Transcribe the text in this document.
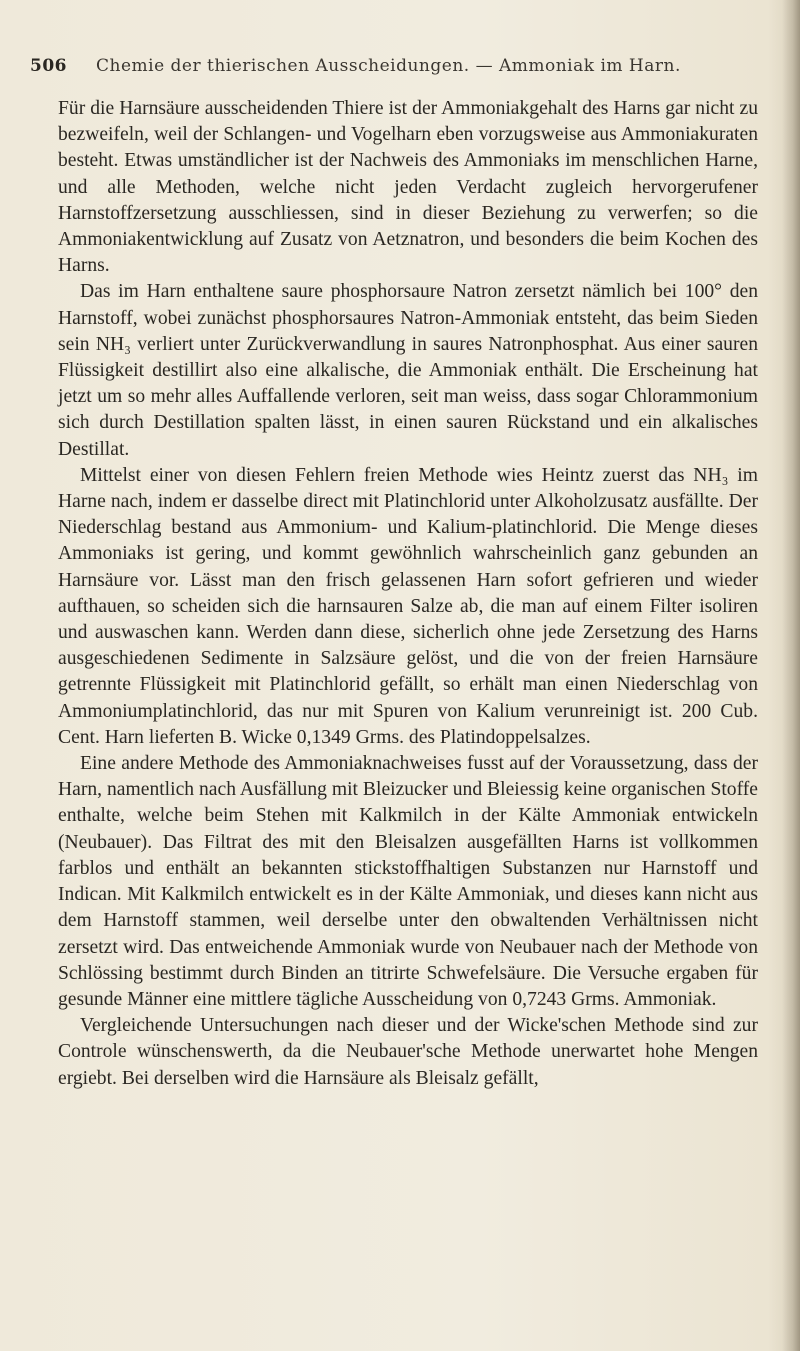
506 Chemie der thierischen Ausscheidungen. — Ammoniak im Harn.

Für die Harnsäure ausscheidenden Thiere ist der Ammoniakgehalt des Harns gar nicht zu bezweifeln, weil der Schlangen- und Vogelharn eben vorzugsweise aus Ammoniakuraten besteht. Etwas umständlicher ist der Nachweis des Ammoniaks im menschlichen Harne, und alle Methoden, welche nicht jeden Verdacht zugleich hervorgerufener Harnstoffzersetzung ausschliessen, sind in dieser Beziehung zu verwerfen; so die Ammoniakentwicklung auf Zusatz von Aetznatron, und besonders die beim Kochen des Harns.

Das im Harn enthaltene saure phosphorsaure Natron zersetzt nämlich bei 100° den Harnstoff, wobei zunächst phosphorsaures Natron-Ammoniak entsteht, das beim Sieden sein NH₃ verliert unter Zurückverwandlung in saures Natronphosphat. Aus einer sauren Flüssigkeit destillirt also eine alkalische, die Ammoniak enthält. Die Erscheinung hat jetzt um so mehr alles Auffallende verloren, seit man weiss, dass sogar Chlorammonium sich durch Destillation spalten lässt, in einen sauren Rückstand und ein alkalisches Destillat.

Mittelst einer von diesen Fehlern freien Methode wies Heintz zuerst das NH₃ im Harne nach, indem er dasselbe direct mit Platinchlorid unter Alkoholzusatz ausfällte. Der Niederschlag bestand aus Ammonium- und Kalium-platinchlorid. Die Menge dieses Ammoniaks ist gering, und kommt gewöhnlich wahrscheinlich ganz gebunden an Harnsäure vor. Lässt man den frisch gelassenen Harn sofort gefrieren und wieder aufthauen, so scheiden sich die harnsauren Salze ab, die man auf einem Filter isoliren und auswaschen kann. Werden dann diese, sicherlich ohne jede Zersetzung des Harns ausgeschiedenen Sedimente in Salzsäure gelöst, und die von der freien Harnsäure getrennte Flüssigkeit mit Platinchlorid gefällt, so erhält man einen Niederschlag von Ammoniumplatinchlorid, das nur mit Spuren von Kalium verunreinigt ist. 200 Cub. Cent. Harn lieferten B. Wicke 0,1349 Grms. des Platindoppelsalzes.

Eine andere Methode des Ammoniaknachweises fusst auf der Voraussetzung, dass der Harn, namentlich nach Ausfällung mit Bleizucker und Bleiessig keine organischen Stoffe enthalte, welche beim Stehen mit Kalkmilch in der Kälte Ammoniak entwickeln (Neubauer). Das Filtrat des mit den Bleisalzen ausgefällten Harns ist vollkommen farblos und enthält an bekannten stickstoffhaltigen Substanzen nur Harnstoff und Indican. Mit Kalkmilch entwickelt es in der Kälte Ammoniak, und dieses kann nicht aus dem Harnstoff stammen, weil derselbe unter den obwaltenden Verhältnissen nicht zersetzt wird. Das entweichende Ammoniak wurde von Neubauer nach der Methode von Schlössing bestimmt durch Binden an titrirte Schwefelsäure. Die Versuche ergaben für gesunde Männer eine mittlere tägliche Ausscheidung von 0,7243 Grms. Ammoniak.

Vergleichende Untersuchungen nach dieser und der Wicke'schen Methode sind zur Controle wünschenswerth, da die Neubauer'sche Methode unerwartet hohe Mengen ergiebt. Bei derselben wird die Harnsäure als Bleisalz gefällt,
